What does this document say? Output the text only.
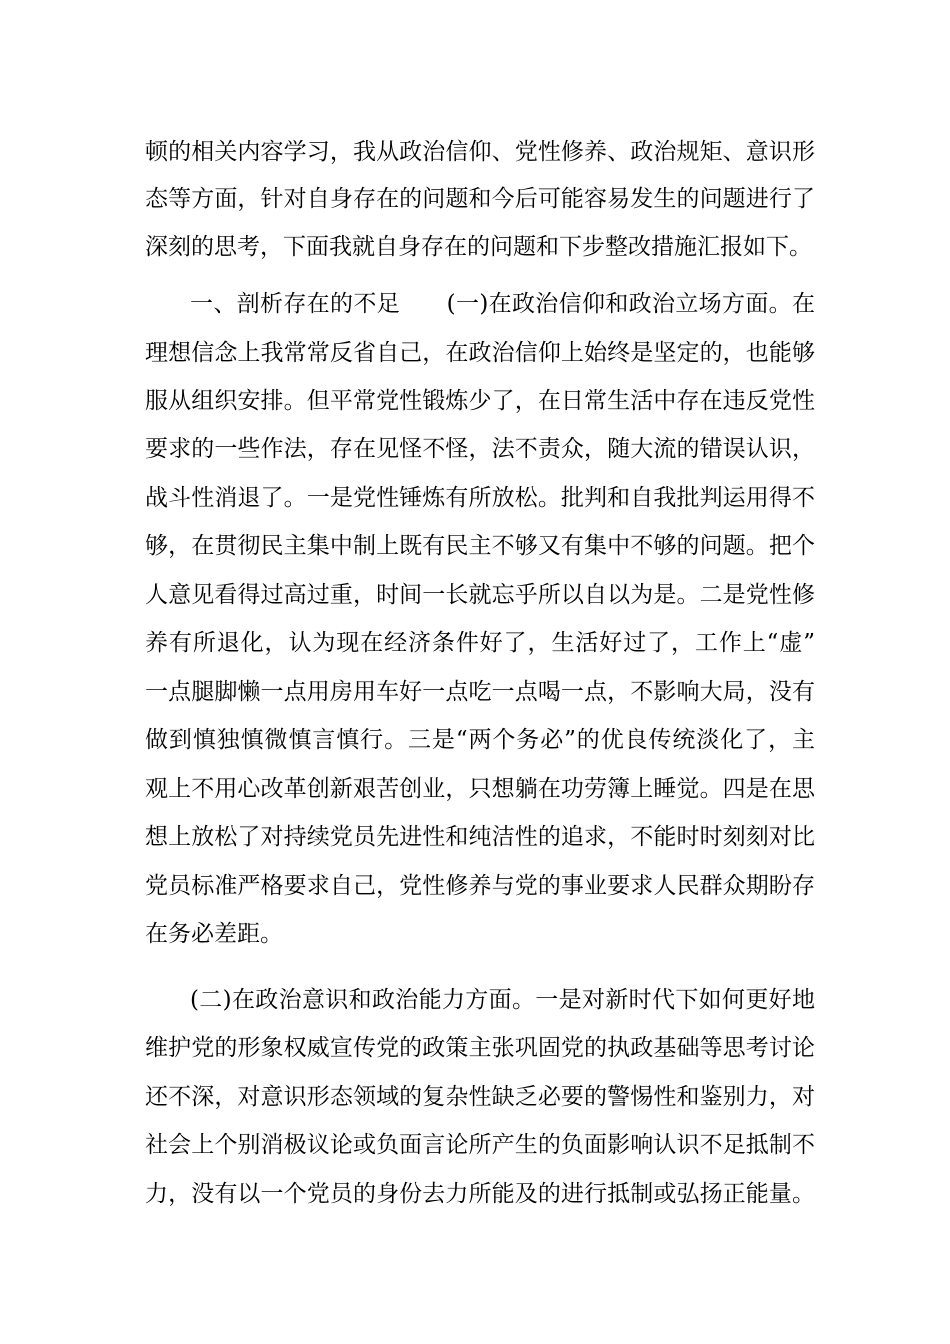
顿的相关内容学习，我从政治信仰、党性修养、政治规矩、意识形
态等方面，针对自身存在的问题和今后可能容易发生的问题进行了
深刻的思考，下面我就自身存在的问题和下步整改措施汇报如下。
一、剖析存在的不足　　(一)在政治信仰和政治立场方面。在
理想信念上我常常反省自己，在政治信仰上始终是坚定的，也能够
服从组织安排。但平常党性锻炼少了，在日常生活中存在违反党性
要求的一些作法，存在见怪不怪，法不责众，随大流的错误认识，
战斗性消退了。一是党性锤炼有所放松。批判和自我批判运用得不
够，在贯彻民主集中制上既有民主不够又有集中不够的问题。把个
人意见看得过高过重，时间一长就忘乎所以自以为是。二是党性修
养有所退化，认为现在经济条件好了，生活好过了，工作上“虚”
一点腿脚懒一点用房用车好一点吃一点喝一点，不影响大局，没有
做到慎独慎微慎言慎行。三是“两个务必”的优良传统淡化了，主
观上不用心改革创新艰苦创业，只想躺在功劳簿上睡觉。四是在思
想上放松了对持续党员先进性和纯洁性的追求，不能时时刻刻对比
党员标准严格要求自己，党性修养与党的事业要求人民群众期盼存
在务必差距。
(二)在政治意识和政治能力方面。一是对新时代下如何更好地
维护党的形象权威宣传党的政策主张巩固党的执政基础等思考讨论
还不深，对意识形态领域的复杂性缺乏必要的警惕性和鉴别力，对
社会上个别消极议论或负面言论所产生的负面影响认识不足抵制不
力，没有以一个党员的身份去力所能及的进行抵制或弘扬正能量。
